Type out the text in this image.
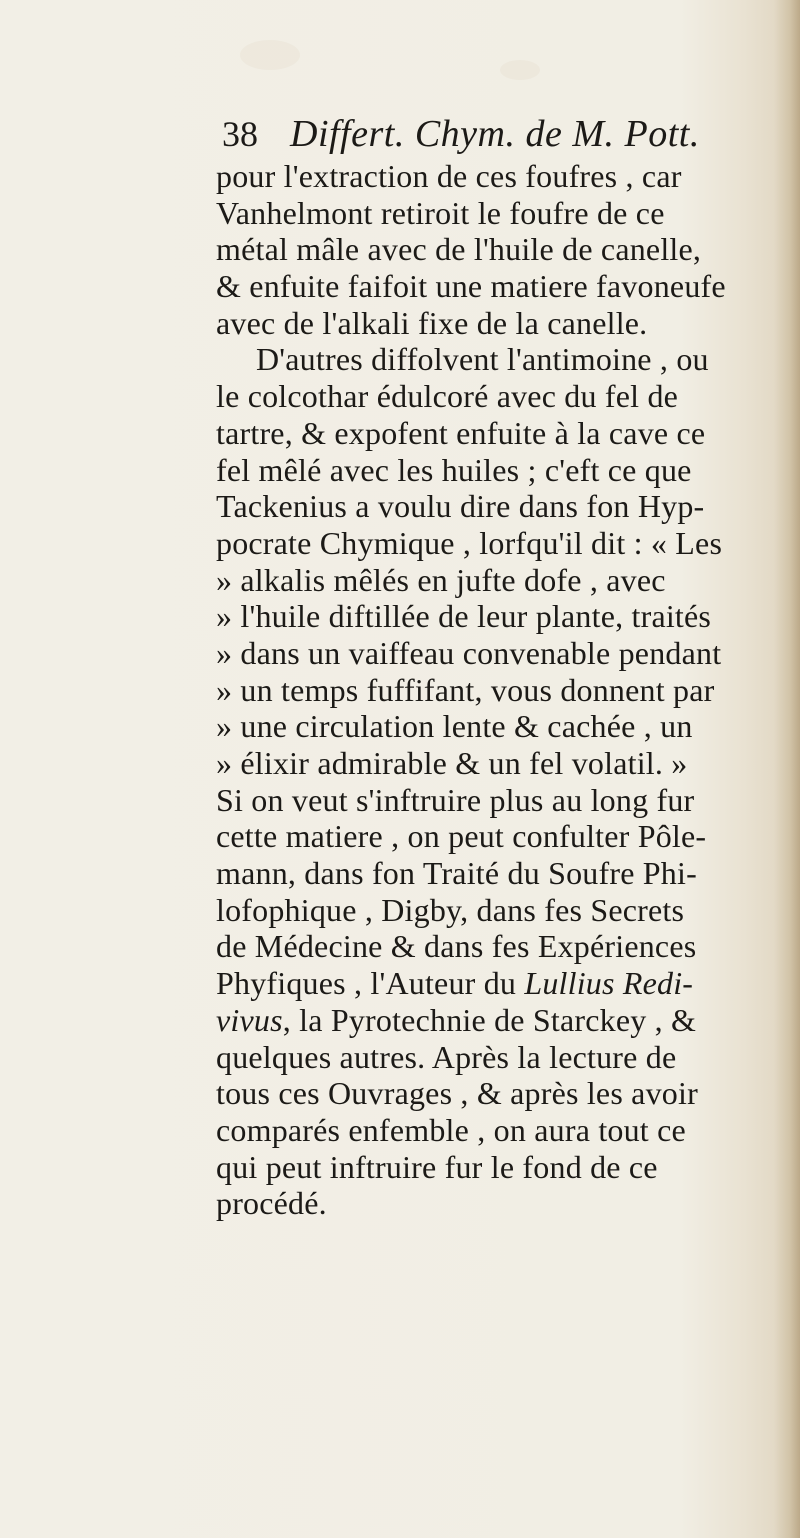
38 Differt. Chym. de M. Pott.
pour l'extraction de ces foufres , car
Vanhelmont retiroit le foufre de ce
métal mâle avec de l'huile de canelle,
& enfuite faifoit une matiere favoneufe
avec de l'alkali fixe de la canelle.
D'autres diffolvent l'antimoine , ou
le colcothar édulcoré avec du fel de
tartre, & expofent enfuite à la cave ce
fel mêlé avec les huiles ; c'eft ce que
Tackenius a voulu dire dans fon Hyp-
pocrate Chymique , lorfqu'il dit : « Les
» alkalis mêlés en jufte dofe , avec
» l'huile diftillée de leur plante, traités
» dans un vaiffeau convenable pendant
» un temps fuffifant, vous donnent par
» une circulation lente & cachée , un
» élixir admirable & un fel volatil. »
Si on veut s'inftruire plus au long fur
cette matiere , on peut confulter Pôle-
mann, dans fon Traité du Soufre Phi-
lofophique , Digby, dans fes Secrets
de Médecine & dans fes Expériences
Phyfiques , l'Auteur du Lullius Redi-
vivus, la Pyrotechnie de Starckey , &
quelques autres. Après la lecture de
tous ces Ouvrages , & après les avoir
comparés enfemble , on aura tout ce
qui peut inftruire fur le fond de ce
procédé.
